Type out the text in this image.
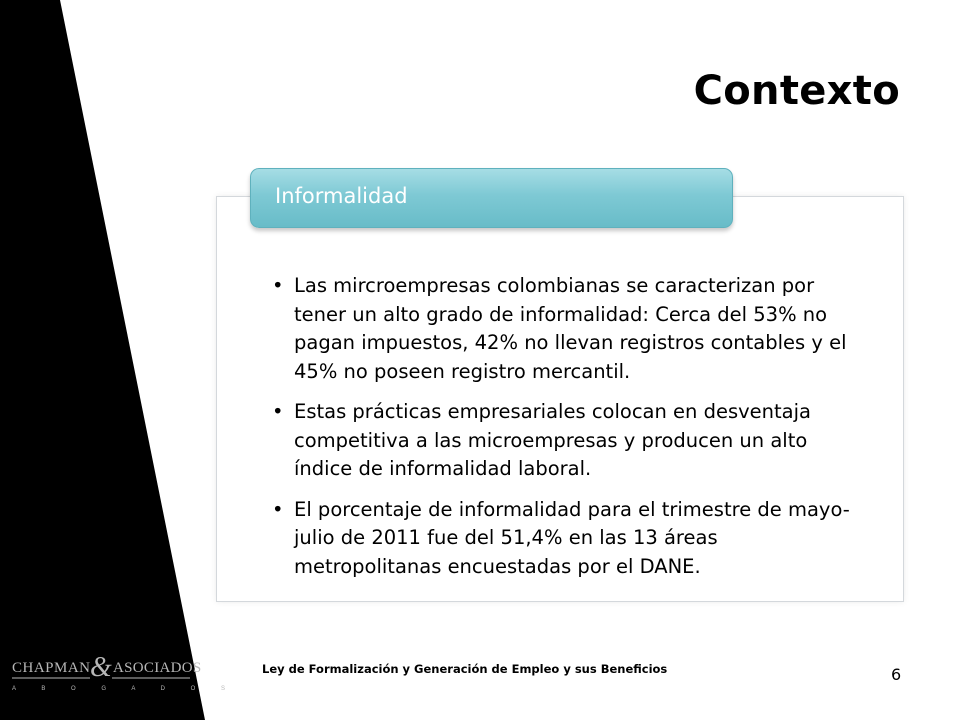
Contexto
Informalidad
• Las mircroempresas colombianas se caracterizan por tener un alto grado de informalidad: Cerca del 53% no pagan impuestos, 42% no llevan registros contables y el 45% no poseen registro mercantil.
• Estas prácticas empresariales colocan en desventaja competitiva a las microempresas y producen un alto índice de informalidad laboral.
• El porcentaje de informalidad para el trimestre de mayo-julio de 2011 fue del 51,4% en las 13 áreas metropolitanas encuestadas por el DANE.
CHAPMAN & ASOCIADOS
A B O G A D O S
Ley de Formalización y Generación de Empleo y sus Beneficios	6
